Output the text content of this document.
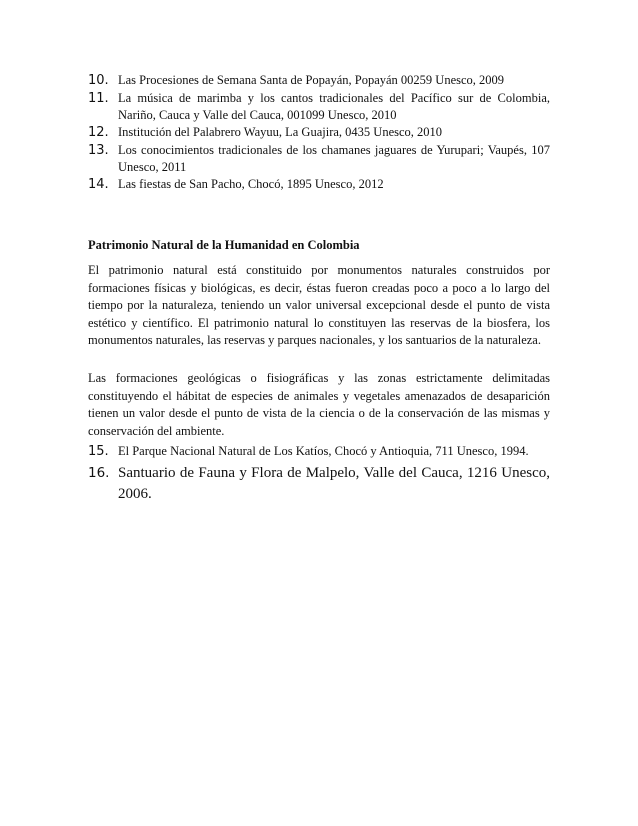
10. Las Procesiones de Semana Santa de Popayán, Popayán 00259 Unesco, 2009
11. La música de marimba y los cantos tradicionales del Pacífico sur de Colombia, Nariño, Cauca y Valle del Cauca, 001099 Unesco, 2010
12. Institución del Palabrero Wayuu, La Guajira, 0435 Unesco, 2010
13. Los conocimientos tradicionales de los chamanes jaguares de Yurupari; Vaupés, 107 Unesco, 2011
14. Las fiestas de San Pacho, Chocó, 1895 Unesco, 2012
Patrimonio Natural de la Humanidad en Colombia
El patrimonio natural está constituido por monumentos naturales construidos por formaciones físicas y biológicas, es decir, éstas fueron creadas poco a poco a lo largo del tiempo por la naturaleza, teniendo un valor universal excepcional desde el punto de vista estético y científico. El patrimonio natural lo constituyen las reservas de la biosfera, los monumentos naturales, las reservas y parques nacionales, y los santuarios de la naturaleza.
Las formaciones geológicas o fisiográficas y las zonas estrictamente delimitadas constituyendo el hábitat de especies de animales y vegetales amenazados de desaparición tienen un valor desde el punto de vista de la ciencia o de la conservación de las mismas y conservación del ambiente.
15. El Parque Nacional Natural de Los Katíos, Chocó y Antioquia, 711 Unesco, 1994.
16. Santuario de Fauna y Flora de Malpelo, Valle del Cauca, 1216 Unesco, 2006.
